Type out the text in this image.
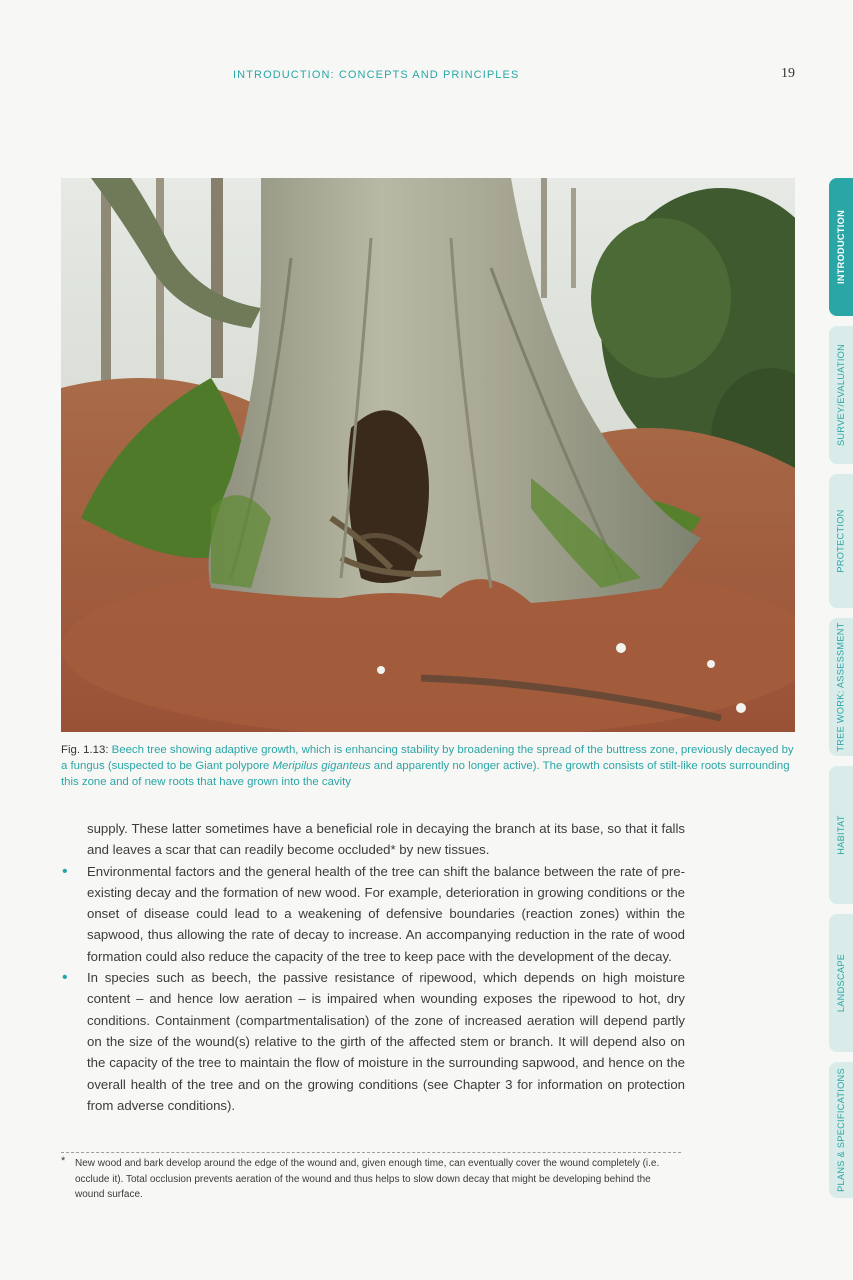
INTRODUCTION: CONCEPTS AND PRINCIPLES	19
Fig. 1.13: Beech tree showing adaptive growth, which is enhancing stability by broadening the spread of the buttress zone, previously decayed by a fungus (suspected to be Giant polypore Meripilus giganteus and apparently no longer active). The growth consists of stilt-like roots surrounding this zone and of new roots that have grown into the cavity

supply. These latter sometimes have a beneficial role in decaying the branch at its base, so that it falls and leaves a scar that can readily become occluded* by new tissues.

• Environmental factors and the general health of the tree can shift the balance between the rate of pre-existing decay and the formation of new wood. For example, deterioration in growing conditions or the onset of disease could lead to a weakening of defensive boundaries (reaction zones) within the sapwood, thus allowing the rate of decay to increase. An accompanying reduction in the rate of wood formation could also reduce the capacity of the tree to keep pace with the development of the decay.
• In species such as beech, the passive resistance of ripewood, which depends on high moisture content – and hence low aeration – is impaired when wounding exposes the ripewood to hot, dry conditions. Containment (compartmentalisation) of the zone of increased aeration will depend partly on the size of the wound(s) relative to the girth of the affected stem or branch. It will depend also on the capacity of the tree to maintain the flow of moisture in the surrounding sapwood, and hence on the overall health of the tree and on the growing conditions (see Chapter 3 for information on protection from adverse conditions).
* New wood and bark develop around the edge of the wound and, given enough time, can eventually cover the wound completely (i.e. occlude it). Total occlusion prevents aeration of the wound and thus helps to slow down decay that might be developing behind the wound surface.
INTRODUCTION
SURVEY/EVALUATION
PROTECTION
TREE WORK: ASSESSMENT
HABITAT
LANDSCAPE
PLANS & SPECIFICATIONS
